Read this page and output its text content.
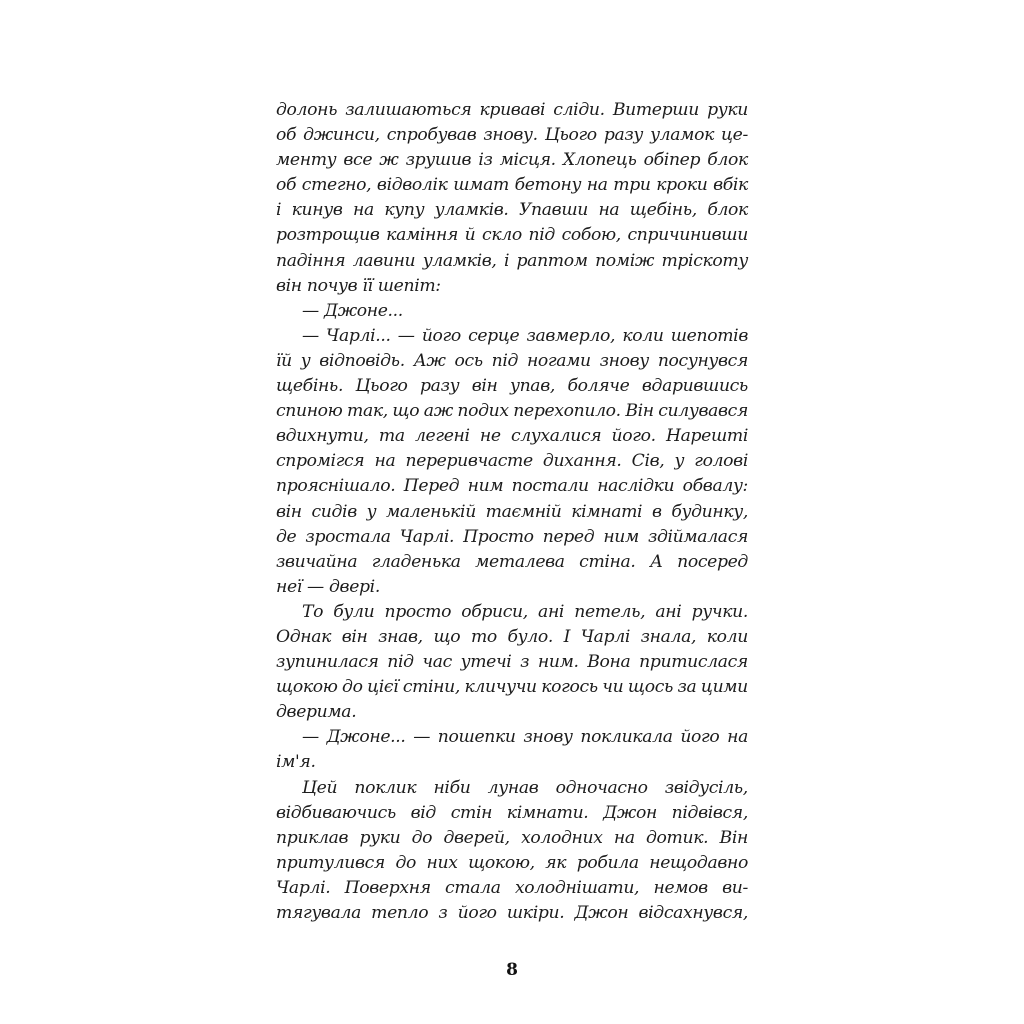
долонь залишаються криваві сліди. Витерши руки
об джинси, спробував знову. Цього разу уламок це-
менту все ж зрушив із місця. Хлопець обіпер блок
об стегно, відволік шмат бетону на три кроки вбік
і кинув на купу уламків. Упавши на щебінь, блок
розтрощив каміння й скло під собою, спричинивши
падіння лавини уламків, і раптом поміж тріскоту
він почув її шепіт:
— Джоне...
— Чарлі... — його серце завмерло, коли шепотів
їй у відповідь. Аж ось під ногами знову посунувся
щебінь. Цього разу він упав, боляче вдарившись
спиною так, що аж подих перехопило. Він силувався
вдихнути, та легені не слухалися його. Нарешті
спромігся на переривчасте дихання. Сів, у голові
прояснішало. Перед ним постали наслідки обвалу:
він сидів у маленькій таємній кімнаті в будинку,
де зростала Чарлі. Просто перед ним здіймалася
звичайна гладенька металева стіна. А посеред
неї — двері.
То були просто обриси, ані петель, ані ручки.
Однак він знав, що то було. І Чарлі знала, коли
зупинилася під час утечі з ним. Вона притислася
щокою до цієї стіни, кличучи когось чи щось за цими
дверима.
— Джоне... — пошепки знову покликала його на
ім'я.
Цей поклик ніби лунав одночасно звідусіль,
відбиваючись від стін кімнати. Джон підвівся,
приклав руки до дверей, холодних на дотик. Він
притулився до них щокою, як робила нещодавно
Чарлі. Поверхня стала холоднішати, немов ви-
тягувала тепло з його шкіри. Джон відсахнувся,
8
